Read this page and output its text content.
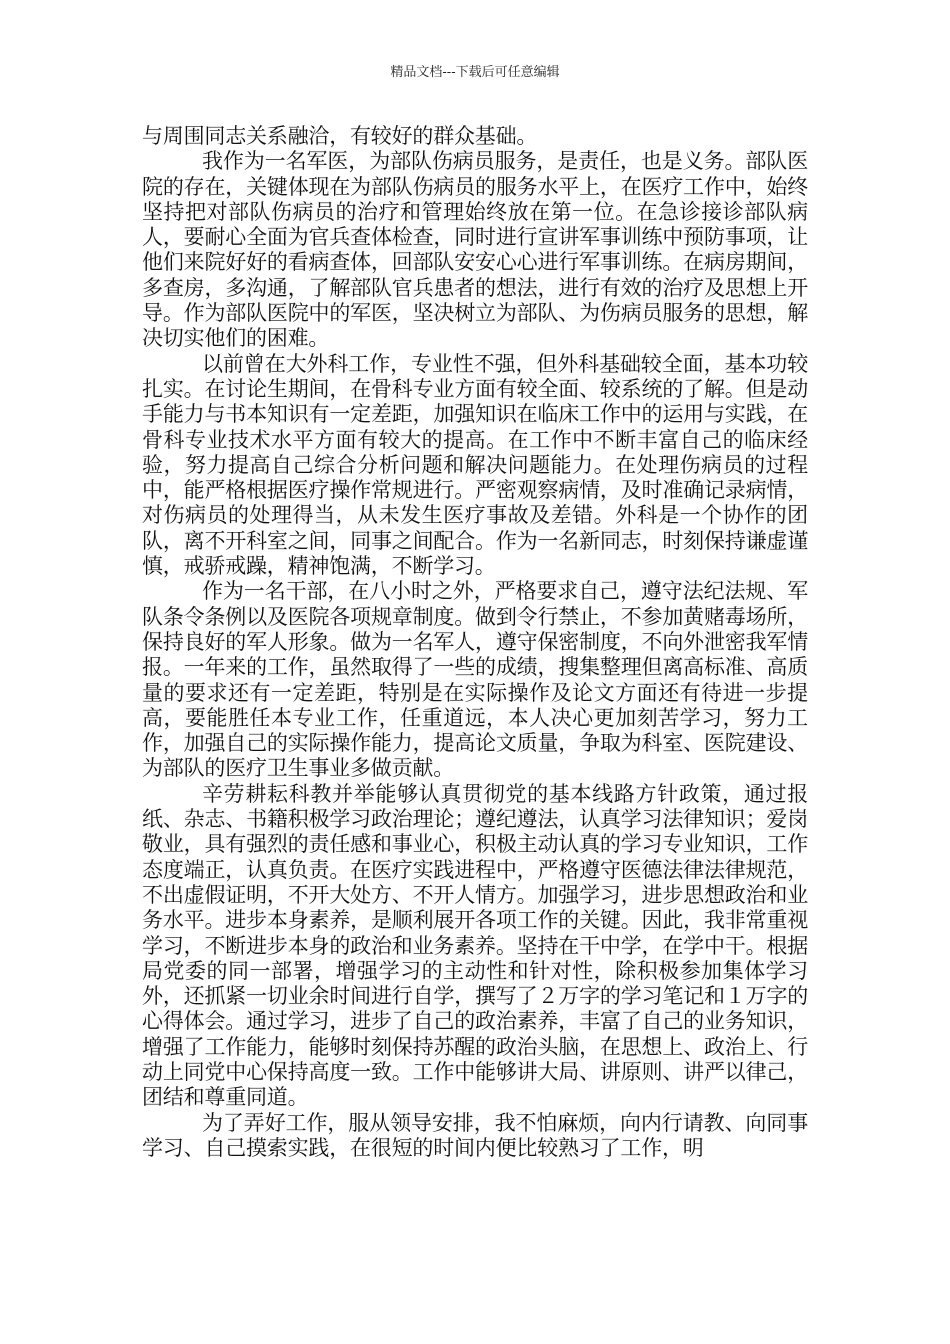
精品文档---下载后可任意编辑

与周围同志关系融洽，有较好的群众基础。

我作为一名军医，为部队伤病员服务，是责任，也是义务。部队医院的存在，关键体现在为部队伤病员的服务水平上，在医疗工作中，始终坚持把对部队伤病员的治疗和管理始终放在第一位。在急诊接诊部队病人，要耐心全面为官兵查体检查，同时进行宣讲军事训练中预防事项，让他们来院好好的看病查体，回部队安安心心进行军事训练。在病房期间，多查房，多沟通，了解部队官兵患者的想法，进行有效的治疗及思想上开导。作为部队医院中的军医，坚决树立为部队、为伤病员服务的思想，解决切实他们的困难。

以前曾在大外科工作，专业性不强，但外科基础较全面，基本功较扎实。在讨论生期间，在骨科专业方面有较全面、较系统的了解。但是动手能力与书本知识有一定差距，加强知识在临床工作中的运用与实践，在骨科专业技术水平方面有较大的提高。在工作中不断丰富自己的临床经验，努力提高自己综合分析问题和解决问题能力。在处理伤病员的过程中，能严格根据医疗操作常规进行。严密观察病情，及时准确记录病情，对伤病员的处理得当，从未发生医疗事故及差错。外科是一个协作的团队，离不开科室之间，同事之间配合。作为一名新同志，时刻保持谦虚谨慎，戒骄戒躁，精神饱满，不断学习。

作为一名干部，在八小时之外，严格要求自己，遵守法纪法规、军队条令条例以及医院各项规章制度。做到令行禁止，不参加黄赌毒场所，保持良好的军人形象。做为一名军人，遵守保密制度，不向外泄密我军情报。一年来的工作，虽然取得了一些的成绩，搜集整理但离高标准、高质量的要求还有一定差距，特别是在实际操作及论文方面还有待进一步提高，要能胜任本专业工作，任重道远，本人决心更加刻苦学习，努力工作，加强自己的实际操作能力，提高论文质量，争取为科室、医院建设、为部队的医疗卫生事业多做贡献。

辛劳耕耘科教并举能够认真贯彻党的基本线路方针政策，通过报纸、杂志、书籍积极学习政治理论；遵纪遵法，认真学习法律知识；爱岗敬业，具有强烈的责任感和事业心，积极主动认真的学习专业知识，工作态度端正，认真负责。在医疗实践进程中，严格遵守医德法律法律规范，不出虚假证明，不开大处方、不开人情方。加强学习，进步思想政治和业务水平。进步本身素养，是顺利展开各项工作的关键。因此，我非常重视学习，不断进步本身的政治和业务素养。坚持在干中学，在学中干。根据局党委的同一部署，增强学习的主动性和针对性，除积极参加集体学习外，还抓紧一切业余时间进行自学，撰写了２万字的学习笔记和１万字的心得体会。通过学习，进步了自己的政治素养，丰富了自己的业务知识，增强了工作能力，能够时刻保持苏醒的政治头脑，在思想上、政治上、行动上同党中心保持高度一致。工作中能够讲大局、讲原则、讲严以律己，团结和尊重同道。

为了弄好工作，服从领导安排，我不怕麻烦，向内行请教、向同事学习、自己摸索实践，在很短的时间内便比较熟习了工作，明
